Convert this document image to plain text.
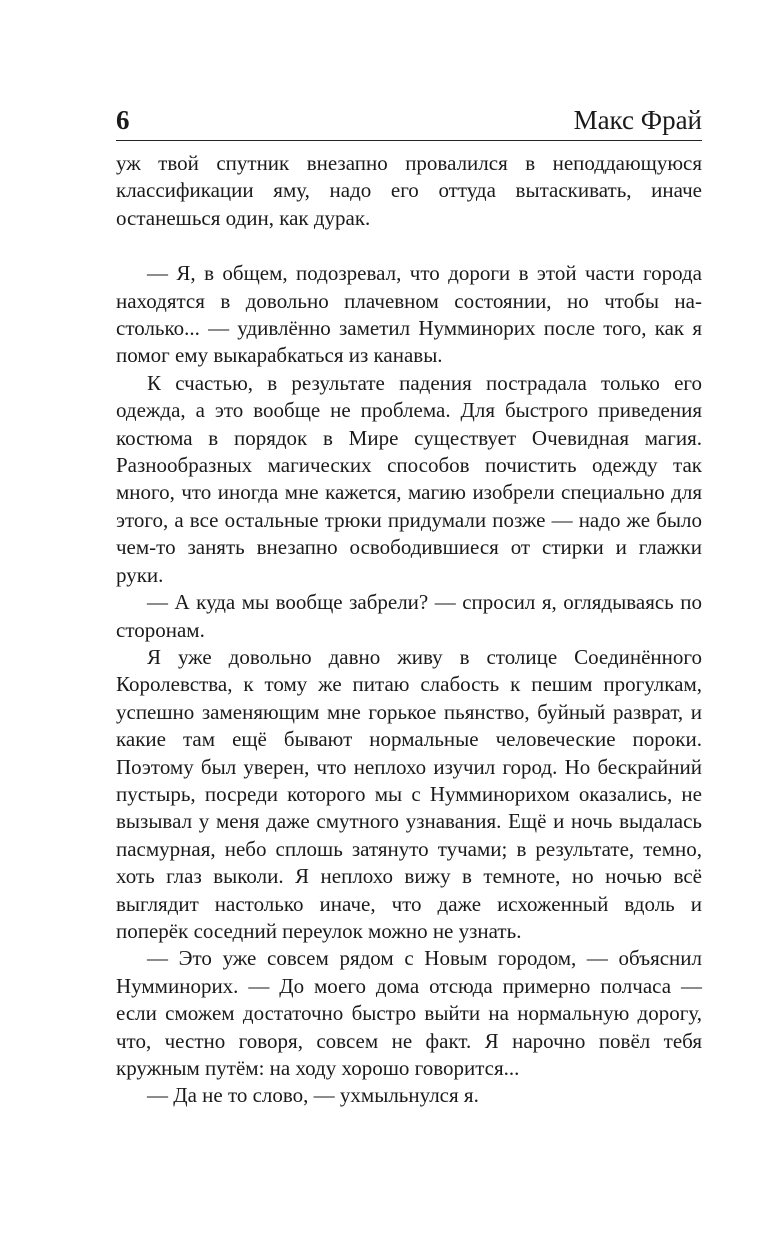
6	Макс Фрай

уж твой спутник внезапно провалился в неподдающуюся классификации яму, надо его оттуда вытаскивать, иначе останешься один, как дурак.

— Я, в общем, подозревал, что дороги в этой части города находятся в довольно плачевном состоянии, но чтобы настолько... — удивлённо заметил Нумминорих после того, как я помог ему выкарабкаться из канавы.

К счастью, в результате падения пострадала только его одежда, а это вообще не проблема. Для быстрого приведения костюма в порядок в Мире существует Очевидная магия. Разнообразных магических способов почистить одежду так много, что иногда мне кажется, магию изобрели специально для этого, а все остальные трюки придумали позже — надо же было чем-то занять внезапно освободившиеся от стирки и глажки руки.

— А куда мы вообще забрели? — спросил я, оглядываясь по сторонам.

Я уже довольно давно живу в столице Соединённого Королевства, к тому же питаю слабость к пешим прогулкам, успешно заменяющим мне горькое пьянство, буйный разврат, и какие там ещё бывают нормальные человеческие пороки. Поэтому был уверен, что неплохо изучил город. Но бескрайний пустырь, посреди которого мы с Нумминорихом оказались, не вызывал у меня даже смутного узнавания. Ещё и ночь выдалась пасмурная, небо сплошь затянуто тучами; в результате, темно, хоть глаз выколи. Я неплохо вижу в темноте, но ночью всё выглядит настолько иначе, что даже исхоженный вдоль и поперёк соседний переулок можно не узнать.

— Это уже совсем рядом с Новым городом, — объяснил Нумминорих. — До моего дома отсюда примерно полчаса — если сможем достаточно быстро выйти на нормальную дорогу, что, честно говоря, совсем не факт. Я нарочно повёл тебя кружным путём: на ходу хорошо говорится...

— Да не то слово, — ухмыльнулся я.
